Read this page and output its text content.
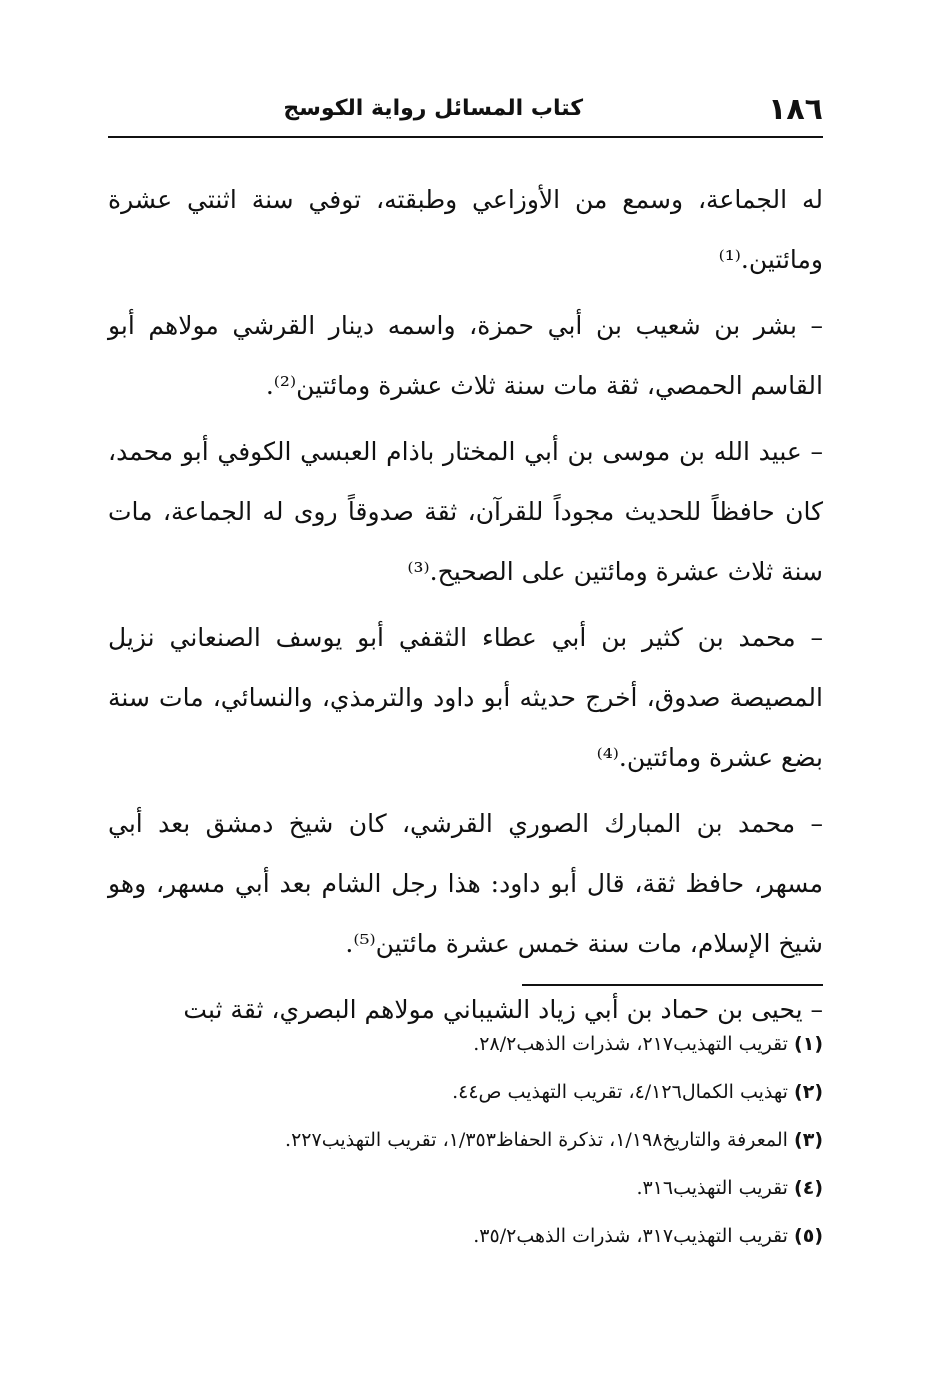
١٨٦
كتاب المسائل رواية الكوسج

له الجماعة، وسمع من الأوزاعي وطبقته، توفي سنة اثنتي عشرة ومائتين.⁽¹⁾

– بشر بن شعيب بن أبي حمزة، واسمه دينار القرشي مولاهم أبو القاسم الحمصي، ثقة مات سنة ثلاث عشرة ومائتين⁽²⁾.

– عبيد الله بن موسى بن أبي المختار باذام العبسي الكوفي أبو محمد، كان حافظاً للحديث مجوداً للقرآن، ثقة صدوقاً روى له الجماعة، مات سنة ثلاث عشرة ومائتين على الصحيح.⁽³⁾

– محمد بن كثير بن أبي عطاء الثقفي أبو يوسف الصنعاني نزيل المصيصة صدوق، أخرج حديثه أبو داود والترمذي، والنسائي، مات سنة بضع عشرة ومائتين.⁽⁴⁾

– محمد بن المبارك الصوري القرشي، كان شيخ دمشق بعد أبي مسهر، حافظ ثقة، قال أبو داود: هذا رجل الشام بعد أبي مسهر، وهو شيخ الإسلام، مات سنة خمس عشرة مائتين⁽⁵⁾.

– يحيى بن حماد بن أبي زياد الشيباني مولاهم البصري، ثقة ثبت

(١) تقريب التهذيب٢١٧، شذرات الذهب٢٨/٢.
(٢) تهذيب الكمال٤/١٢٦، تقريب التهذيب ص٤٤.
(٣) المعرفة والتاريخ١/١٩٨، تذكرة الحفاظ١/٣٥٣، تقريب التهذيب٢٢٧.
(٤) تقريب التهذيب٣١٦.
(٥) تقريب التهذيب٣١٧، شذرات الذهب٣٥/٢.
